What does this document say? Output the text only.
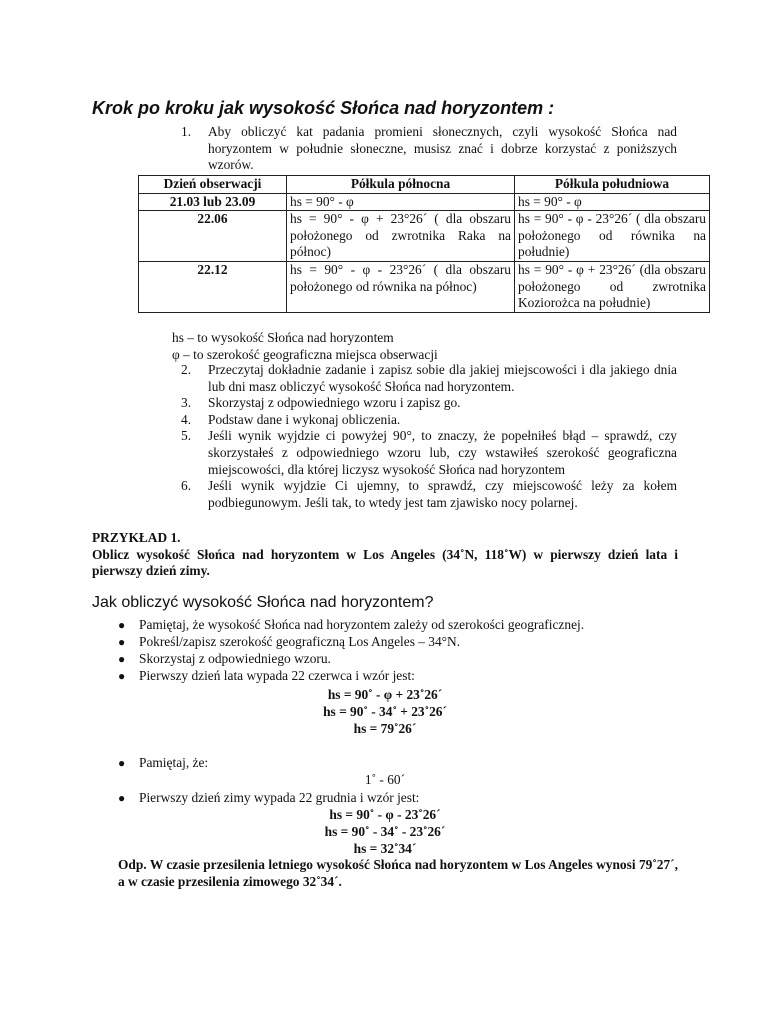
Krok po kroku jak wysokość Słońca nad horyzontem :
1. Aby obliczyć kat padania promieni słonecznych, czyli wysokość Słońca nad horyzontem w południe słoneczne, musisz znać i dobrze korzystać z poniższych wzorów.
Dzień obserwacji	Półkula północna	Półkula południowa
21.03 lub 23.09	hs = 90° - φ	hs = 90° - φ
22.06	hs = 90° - φ + 23°26´ ( dla obszaru położonego od zwrotnika Raka na północ)	hs = 90° - φ - 23°26´ ( dla obszaru położonego od równika na południe)
22.12	hs = 90° - φ - 23°26´ ( dla obszaru położonego od równika na północ)	hs = 90° - φ + 23°26´ (dla obszaru położonego od zwrotnika Koziorożca na południe)
hs – to wysokość Słońca nad horyzontem
φ – to szerokość geograficzna miejsca obserwacji
2. Przeczytaj dokładnie zadanie i zapisz sobie dla jakiej miejscowości i dla jakiego dnia lub dni masz obliczyć wysokość Słońca nad horyzontem.
3. Skorzystaj z odpowiedniego wzoru i zapisz go.
4. Podstaw dane i wykonaj obliczenia.
5. Jeśli wynik wyjdzie ci powyżej 90°, to znaczy, że popełniłeś błąd – sprawdź, czy skorzystałeś z odpowiedniego wzoru lub, czy wstawiłeś szerokość geograficzna miejscowości, dla której liczysz wysokość Słońca nad horyzontem
6. Jeśli wynik wyjdzie Ci ujemny, to sprawdź, czy miejscowość leży za kołem podbiegunowym. Jeśli tak, to wtedy jest tam zjawisko nocy polarnej.
PRZYKŁAD 1.
Oblicz wysokość Słońca nad horyzontem w Los Angeles (34˚N, 118˚W) w pierwszy dzień lata i pierwszy dzień zimy.
Jak obliczyć wysokość Słońca nad horyzontem?
● Pamiętaj, że wysokość Słońca nad horyzontem zależy od szerokości geograficznej.
● Pokreśl/zapisz szerokość geograficzną Los Angeles – 34°N.
● Skorzystaj z odpowiedniego wzoru.
● Pierwszy dzień lata wypada 22 czerwca i wzór jest:
hs = 90˚ - φ + 23˚26´
hs = 90˚ - 34˚ + 23˚26´
hs = 79˚26´
● Pamiętaj, że:
1˚ - 60´
● Pierwszy dzień zimy wypada 22 grudnia i wzór jest:
hs = 90˚ - φ - 23˚26´
hs = 90˚ - 34˚ - 23˚26´
hs = 32˚34´
Odp. W czasie przesilenia letniego wysokość Słońca nad horyzontem w Los Angeles wynosi 79˚27´, a w czasie przesilenia zimowego 32˚34´.
